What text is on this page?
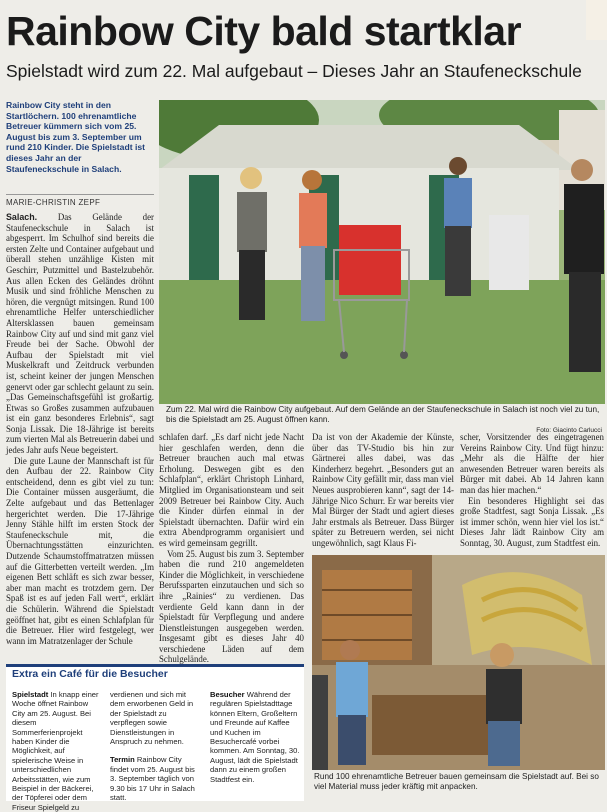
Rainbow City bald startklar
Spielstadt wird zum 22. Mal aufgebaut – Dieses Jahr an Staufeneckschule
Rainbow City steht in den Startlöchern. 100 ehrenamtliche Betreuer kümmern sich vom 25. August bis zum 3. September um rund 210 Kinder. Die Spielstadt ist dieses Jahr an der Staufeneckschule in Salach.
MARIE-CHRISTIN ZEPF

Salach. Das Gelände der Staufeneckschule in Salach ist abgesperrt. Im Schulhof sind bereits die ersten Zelte und Container aufgebaut und überall stehen unzählige Kisten mit Geschirr, Putzmittel und Bastelzubehör. Aus allen Ecken des Geländes dröhnt Musik und sind fröhliche Menschen zu hören, die vergnügt mitsingen. Rund 100 ehrenamtliche Helfer unterschiedlicher Altersklassen bauen gemeinsam Rainbow City auf und sind mit ganz viel Freude bei der Sache. Obwohl der Aufbau der Spielstadt mit viel Muskelkraft und Zeitdruck verbunden ist, scheint keiner der jungen Menschen genervt oder gar schlecht gelaunt zu sein. „Das Gemeinschaftsgefühl ist großartig. Etwas so Großes zusammen aufzubauen ist ein ganz besonderes Erlebnis“, sagt Sonja Lissak. Die 18-Jährige ist bereits zum vierten Mal als Betreuerin dabei und jedes Jahr aufs Neue begeistert.

Die gute Laune der Mannschaft ist für den Aufbau der 22. Rainbow City entscheidend, denn es gibt viel zu tun: Die Container müssen ausgeräumt, die Zelte aufgebaut und das Bettenlager hergerichtet werden. Die 17-Jährige Jenny Stähle hilft im ersten Stock der Staufeneckschule mit, die Übernachtungsstätten einzurichten. Dutzende Schaumstoffmatratzen müssen auf die Gitterbetten verteilt werden. „Im eigenen Bett schläft es sich zwar besser, aber man macht es trotzdem gern. Der Spaß ist es auf jeden Fall wert“, erklärt die Schülerin. Während die Spielstadt geöffnet hat, gibt es einen Schlafplan für die Betreuer. Hier wird festgelegt, wer wann im Matratzenlager der Schule

Zum 22. Mal wird die Rainbow City aufgebaut. Auf dem Gelände an der Staufeneckschule in Salach ist noch viel zu tun, bis die Spielstadt am 25. August öffnen kann.
Foto: Giacinto Carlucci

schlafen darf. „Es darf nicht jede Nacht hier geschlafen werden, denn die Betreuer brauchen auch mal etwas Erholung. Deswegen gibt es den Schlafplan“, erklärt Christoph Linhard, Mitglied im Organisationsteam und seit 2009 Betreuer bei Rainbow City. Auch die Kinder dürfen einmal in der Spielstadt übernachten. Dafür wird ein extra Abendprogramm organisiert und es wird gemeinsam gegrillt.

Vom 25. August bis zum 3. September haben die rund 210 angemeldeten Kinder die Möglichkeit, in verschiedene Berufssparten einzutauchen und sich so ihre „Rainies“ zu verdienen. Das verdiente Geld kann dann in der Spielstadt für Verpflegung und andere Dienstleistungen ausgegeben werden. Insgesamt gibt es dieses Jahr 40 verschiedene Läden auf dem Schulgelände.

Da ist von der Akademie der Künste, über das TV-Studio bis hin zur Gärtnerei alles dabei, was das Kinderherz begehrt. „Besonders gut an Rainbow City gefällt mir, dass man viel Neues ausprobieren kann“, sagt der 14-Jährige Nico Schurr. Er war bereits vier Mal Bürger der Stadt und agiert dieses Jahr erstmals als Betreuer. Dass Bürger später zu Betreuern werden, sei nicht ungewöhnlich, sagt Klaus Fi-

scher, Vorsitzender des eingetragenen Vereins Rainbow City. Und fügt hinzu: „Mehr als die Hälfte der hier anwesenden Betreuer waren bereits als Bürger mit dabei. Ab 14 Jahren kann man das hier machen.“

Ein besonderes Highlight sei das große Stadtfest, sagt Sonja Lissak. „Es ist immer schön, wenn hier viel los ist.“ Dieses Jahr lädt Rainbow City am Sonntag, 30. August, zum Stadtfest ein.

Rund 100 ehrenamtliche Betreuer bauen gemeinsam die Spielstadt auf. Bei so viel Material muss jeder kräftig mit anpacken.
Extra ein Café für die Besucher
Spielstadt In knapp einer Woche öffnet Rainbow City am 25. August. Bei diesem Sommerferienprojekt haben Kinder die Möglichkeit, auf spielerische Weise in unterschiedlichen Arbeitsstätten, wie zum Beispiel in der Bäckerei, der Töpferei oder dem Friseur Spielgeld zu
verdienen und sich mit dem erworbenen Geld in der Spielstadt zu verpflegen sowie Dienstleistungen in Anspruch zu nehmen.
Termin Rainbow City findet vom 25. August bis 3. September täglich von 9.30 bis 17 Uhr in Salach statt.
Besucher Während der regulären Spielstadttage können Eltern, Großeltern und Freunde auf Kaffee und Kuchen im Besuchercafé vorbei kommen. Am Sonntag, 30. August, lädt die Spielstadt dann zu einem großen Stadtfest ein.
